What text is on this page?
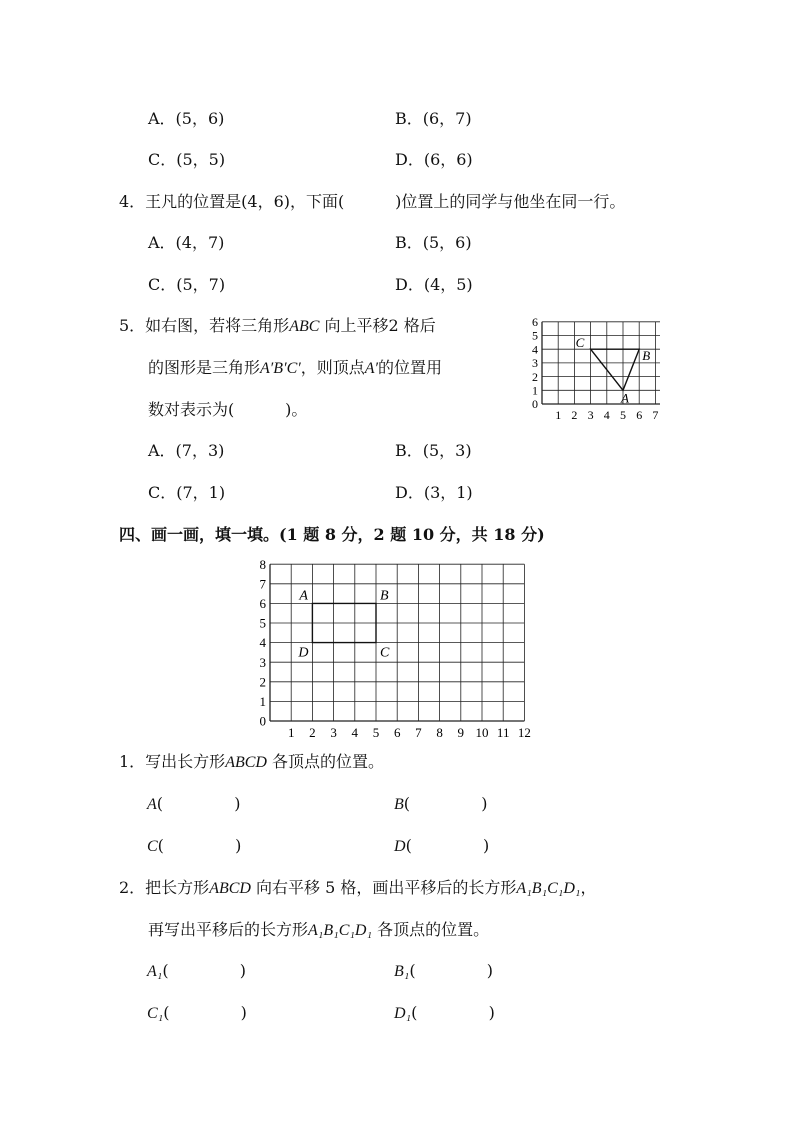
A．(5，6)	B．(6，7)
C．(5，5)	D．(6，6)
4．王凡的位置是(4，6)，下面(          )位置上的同学与他坐在同一行。
A．(4，7)	B．(5，6)
C．(5，7)	D．(4，5)
5．如右图，若将三角形ABC 向上平移2 格后
的图形是三角形A′B′C′，则顶点A′的位置用
数对表示为(          )。	0
1
2
3
4
5
6
1 2 3 4 5 6 7
C
B
A
A．(7，3)	B．(5，3)
C．(7，1)	D．(3，1)
四、画一画，填一填。(1 题 8 分，2 题 10 分，共 18 分)
0
1
2
3
4
5
6
7
8
1 2 3 4 5 6 7 8 9 10 11 12
A	B
C
D
1．写出长方形ABCD 各顶点的位置。
A(              )	B(              )
C(              )	D(              )
2．把长方形ABCD 向右平移 5 格，画出平移后的长方形A₁B₁C₁D₁，
再写出平移后的长方形A₁B₁C₁D₁ 各顶点的位置。
A₁(              )	B₁(              )
C₁(              )	D₁(              )
